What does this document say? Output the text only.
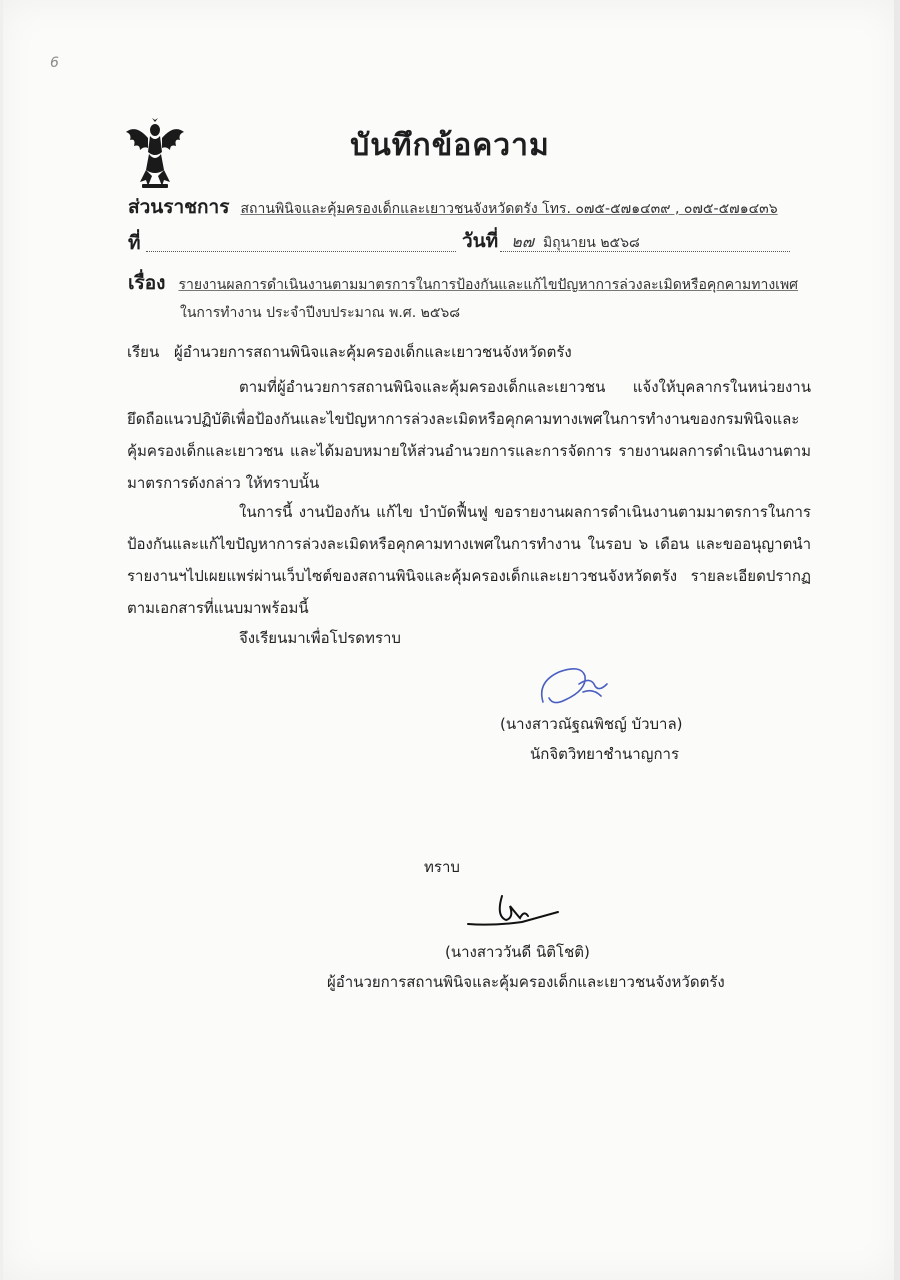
6
บันทึกข้อความ
ส่วนราชการ สถานพินิจและคุ้มครองเด็กและเยาวชนจังหวัดตรัง โทร. ๐๗๕-๕๗๑๔๓๙ , ๐๗๕-๕๗๑๔๓๖
ที่	วันที่ ๒๗ มิถุนายน ๒๕๖๘
เรื่อง รายงานผลการดำเนินงานตามมาตรการในการป้องกันและแก้ไขปัญหาการล่วงละเมิดหรือคุกคามทางเพศ
ในการทำงาน ประจำปีงบประมาณ พ.ศ. ๒๕๖๘
เรียน ผู้อำนวยการสถานพินิจและคุ้มครองเด็กและเยาวชนจังหวัดตรัง
ตามที่ผู้อำนวยการสถานพินิจและคุ้มครองเด็กและเยาวชน แจ้งให้บุคลากรในหน่วยงานยึดถือแนวปฏิบัติเพื่อป้องกันและไขปัญหาการล่วงละเมิดหรือคุกคามทางเพศในการทำงานของกรมพินิจและคุ้มครองเด็กและเยาวชน และได้มอบหมายให้ส่วนอำนวยการและการจัดการ รายงานผลการดำเนินงานตามมาตรการดังกล่าว ให้ทราบนั้น
ในการนี้ งานป้องกัน แก้ไข บำบัดฟื้นฟู ขอรายงานผลการดำเนินงานตามมาตรการในการป้องกันและแก้ไขปัญหาการล่วงละเมิดหรือคุกคามทางเพศในการทำงาน ในรอบ ๖ เดือน และขออนุญาตนำรายงานฯไปเผยแพร่ผ่านเว็บไซต์ของสถานพินิจและคุ้มครองเด็กและเยาวชนจังหวัดตรัง รายละเอียดปรากฏตามเอกสารที่แนบมาพร้อมนี้
จึงเรียนมาเพื่อโปรดทราบ
(นางสาวณัฐณพิชญ์ บัวบาล)
นักจิตวิทยาชำนาญการ
ทราบ
(นางสาววันดี นิติโชติ)
ผู้อำนวยการสถานพินิจและคุ้มครองเด็กและเยาวชนจังหวัดตรัง
